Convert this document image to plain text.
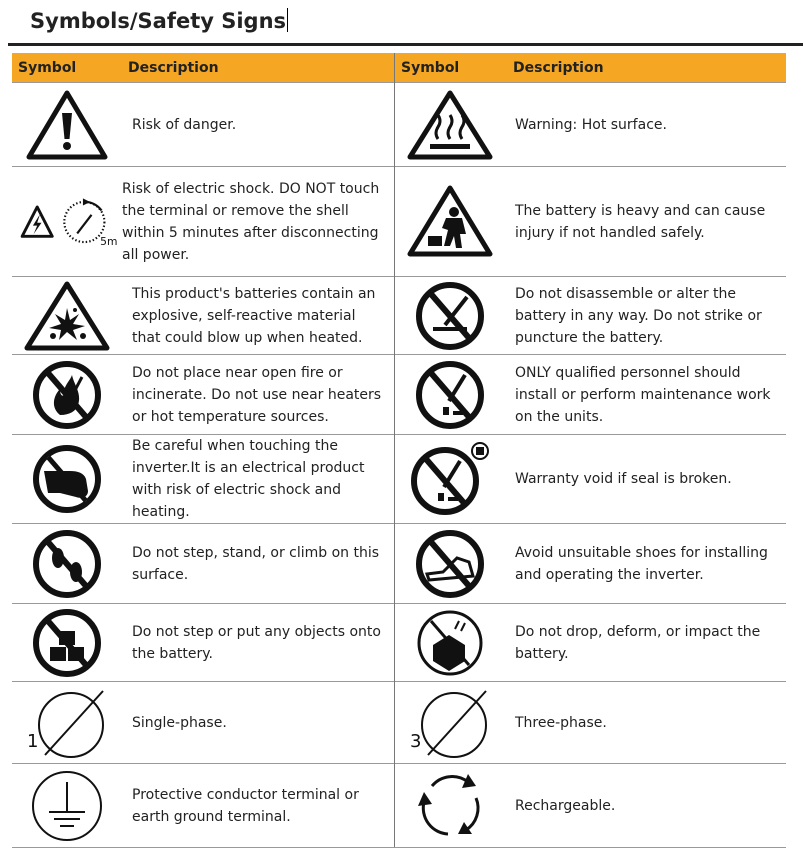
Symbols/Safety Signs
Symbol	Description	Symbol	Description

	Risk of danger.		Warning: Hot surface.

5m	Risk of electric shock. DO NOT touch the terminal or remove the shell within 5 minutes after disconnecting all power.		The battery is heavy and can cause injury if not handled safely.

	This product's batteries contain an explosive, self-reactive material that could blow up when heated.		Do not disassemble or alter the battery in any way. Do not strike or puncture the battery.

	Do not place near open fire or incinerate. Do not use near heaters or hot temperature sources.		ONLY qualified personnel should install or perform maintenance work on the units.

	Be careful when touching the inverter.It is an electrical product with risk of electric shock and heating.		Warranty void if seal is broken.

	Do not step, stand, or climb on this surface.		Avoid unsuitable shoes for installing and operating the inverter.

	Do not step or put any objects onto the battery.		Do not drop, deform, or impact the battery.

1	Single-phase.	3	Three-phase.

	Protective conductor terminal or earth ground terminal.		Rechargeable.
